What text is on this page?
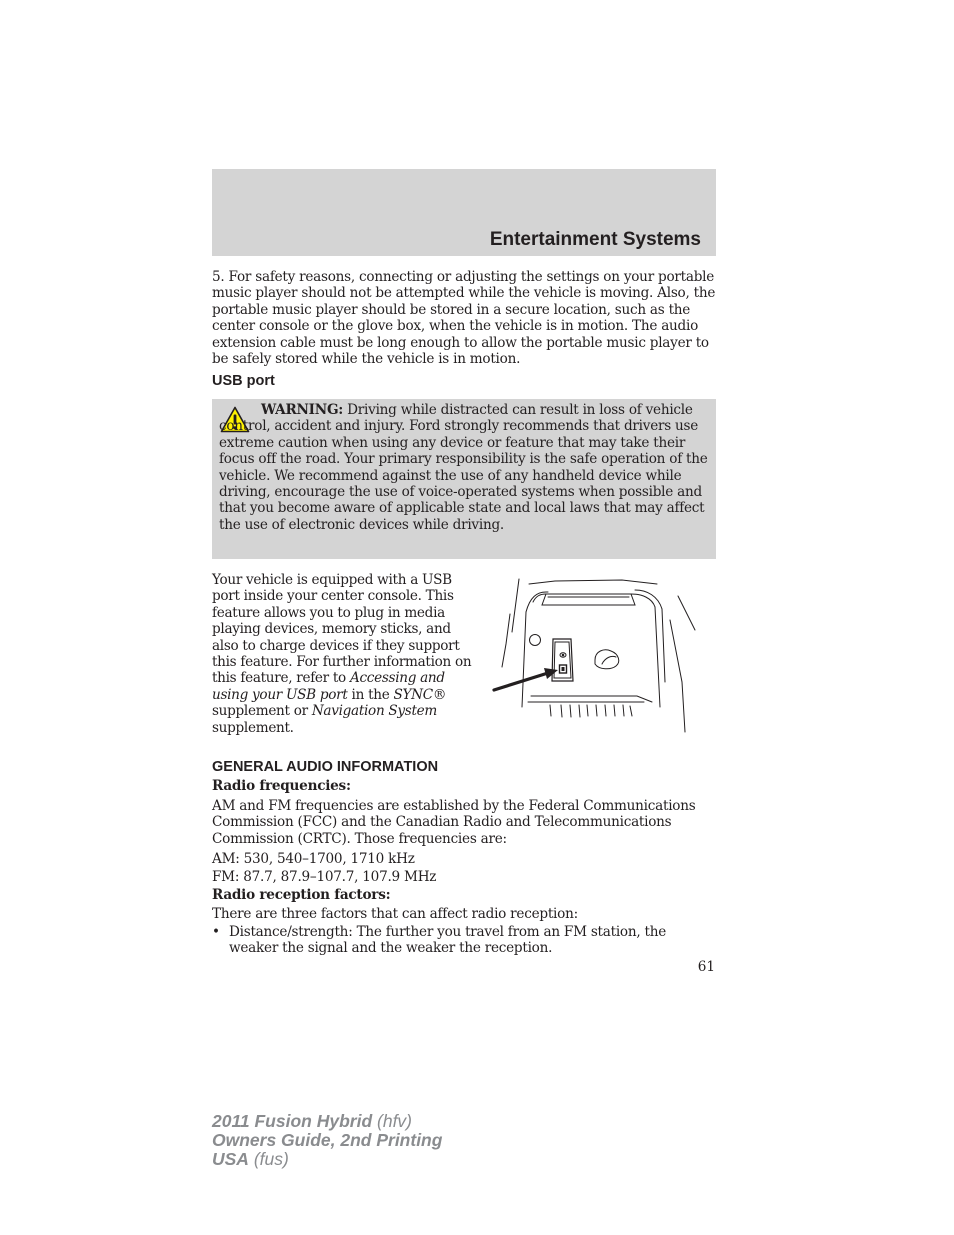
Entertainment Systems

5. For safety reasons, connecting or adjusting the settings on your portable music player should not be attempted while the vehicle is moving. Also, the portable music player should be stored in a secure location, such as the center console or the glove box, when the vehicle is in motion. The audio extension cable must be long enough to allow the portable music player to be safely stored while the vehicle is in motion.

USB port

WARNING: Driving while distracted can result in loss of vehicle control, accident and injury. Ford strongly recommends that drivers use extreme caution when using any device or feature that may take their focus off the road. Your primary responsibility is the safe operation of the vehicle. We recommend against the use of any handheld device while driving, encourage the use of voice-operated systems when possible and that you become aware of applicable state and local laws that may affect the use of electronic devices while driving.

Your vehicle is equipped with a USB port inside your center console. This feature allows you to plug in media playing devices, memory sticks, and also to charge devices if they support this feature. For further information on this feature, refer to Accessing and using your USB port in the SYNC® supplement or Navigation System supplement.

GENERAL AUDIO INFORMATION
Radio frequencies:

AM and FM frequencies are established by the Federal Communications Commission (FCC) and the Canadian Radio and Telecommunications Commission (CRTC). Those frequencies are:

AM: 530, 540–1700, 1710 kHz
FM: 87.7, 87.9–107.7, 107.9 MHz
Radio reception factors:
There are three factors that can affect radio reception:
• Distance/strength: The further you travel from an FM station, the weaker the signal and the weaker the reception.
61
2011 Fusion Hybrid (hfv)
Owners Guide, 2nd Printing
USA (fus)
